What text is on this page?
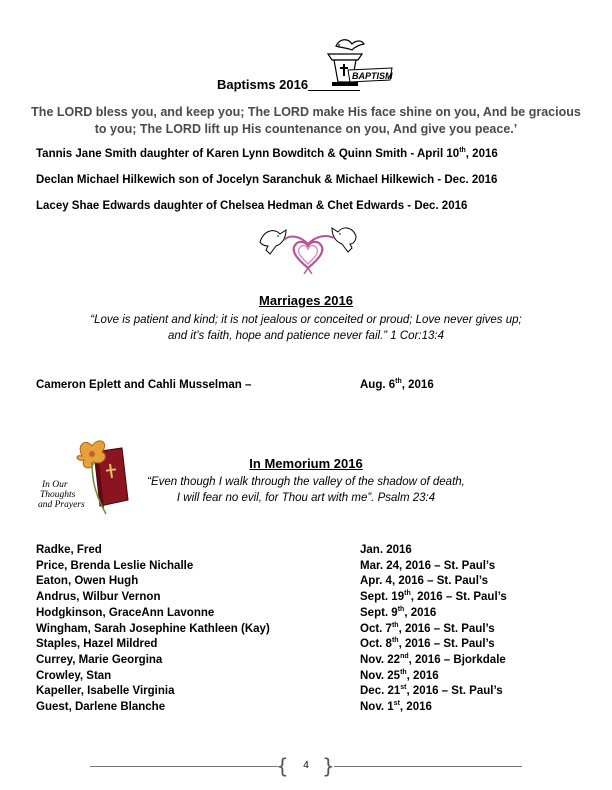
BAPTISM
Baptisms 2016
The LORD bless you, and keep you; The LORD make His face shine on you, And be gracious
to you; The LORD lift up His countenance on you, And give you peace.’
Tannis Jane Smith daughter of Karen Lynn Bowditch & Quinn Smith - April 10th, 2016
Declan Michael Hilkewich son of Jocelyn Saranchuk & Michael Hilkewich - Dec. 2016
Lacey Shae Edwards daughter of Chelsea Hedman & Chet Edwards - Dec. 2016
Marriages 2016
“Love is patient and kind; it is not jealous or conceited or proud; Love never gives up;
and it’s faith, hope and patience never fail.” 1 Cor:13:4
Cameron Eplett and Cahli Musselman –	Aug. 6th, 2016
In Our
Thoughts
and Prayers
In Memorium 2016
“Even though I walk through the valley of the shadow of death,
I will fear no evil, for Thou art with me”. Psalm 23:4
Radke, Fred	Jan. 2016
Price, Brenda Leslie Nichalle	Mar. 24, 2016 – St. Paul’s
Eaton, Owen Hugh	Apr. 4, 2016 – St. Paul’s
Andrus, Wilbur Vernon	Sept. 19th, 2016 – St. Paul’s
Hodgkinson, GraceAnn Lavonne	Sept. 9th, 2016
Wingham, Sarah Josephine Kathleen (Kay)	Oct. 7th, 2016 – St. Paul’s
Staples, Hazel Mildred	Oct. 8th, 2016 – St. Paul’s
Currey, Marie Georgina	Nov. 22nd, 2016 – Bjorkdale
Crowley, Stan	Nov. 25th, 2016
Kapeller, Isabelle Virginia	Dec. 21st, 2016 – St. Paul’s
Guest, Darlene Blanche	Nov. 1st, 2016
{ }
4
